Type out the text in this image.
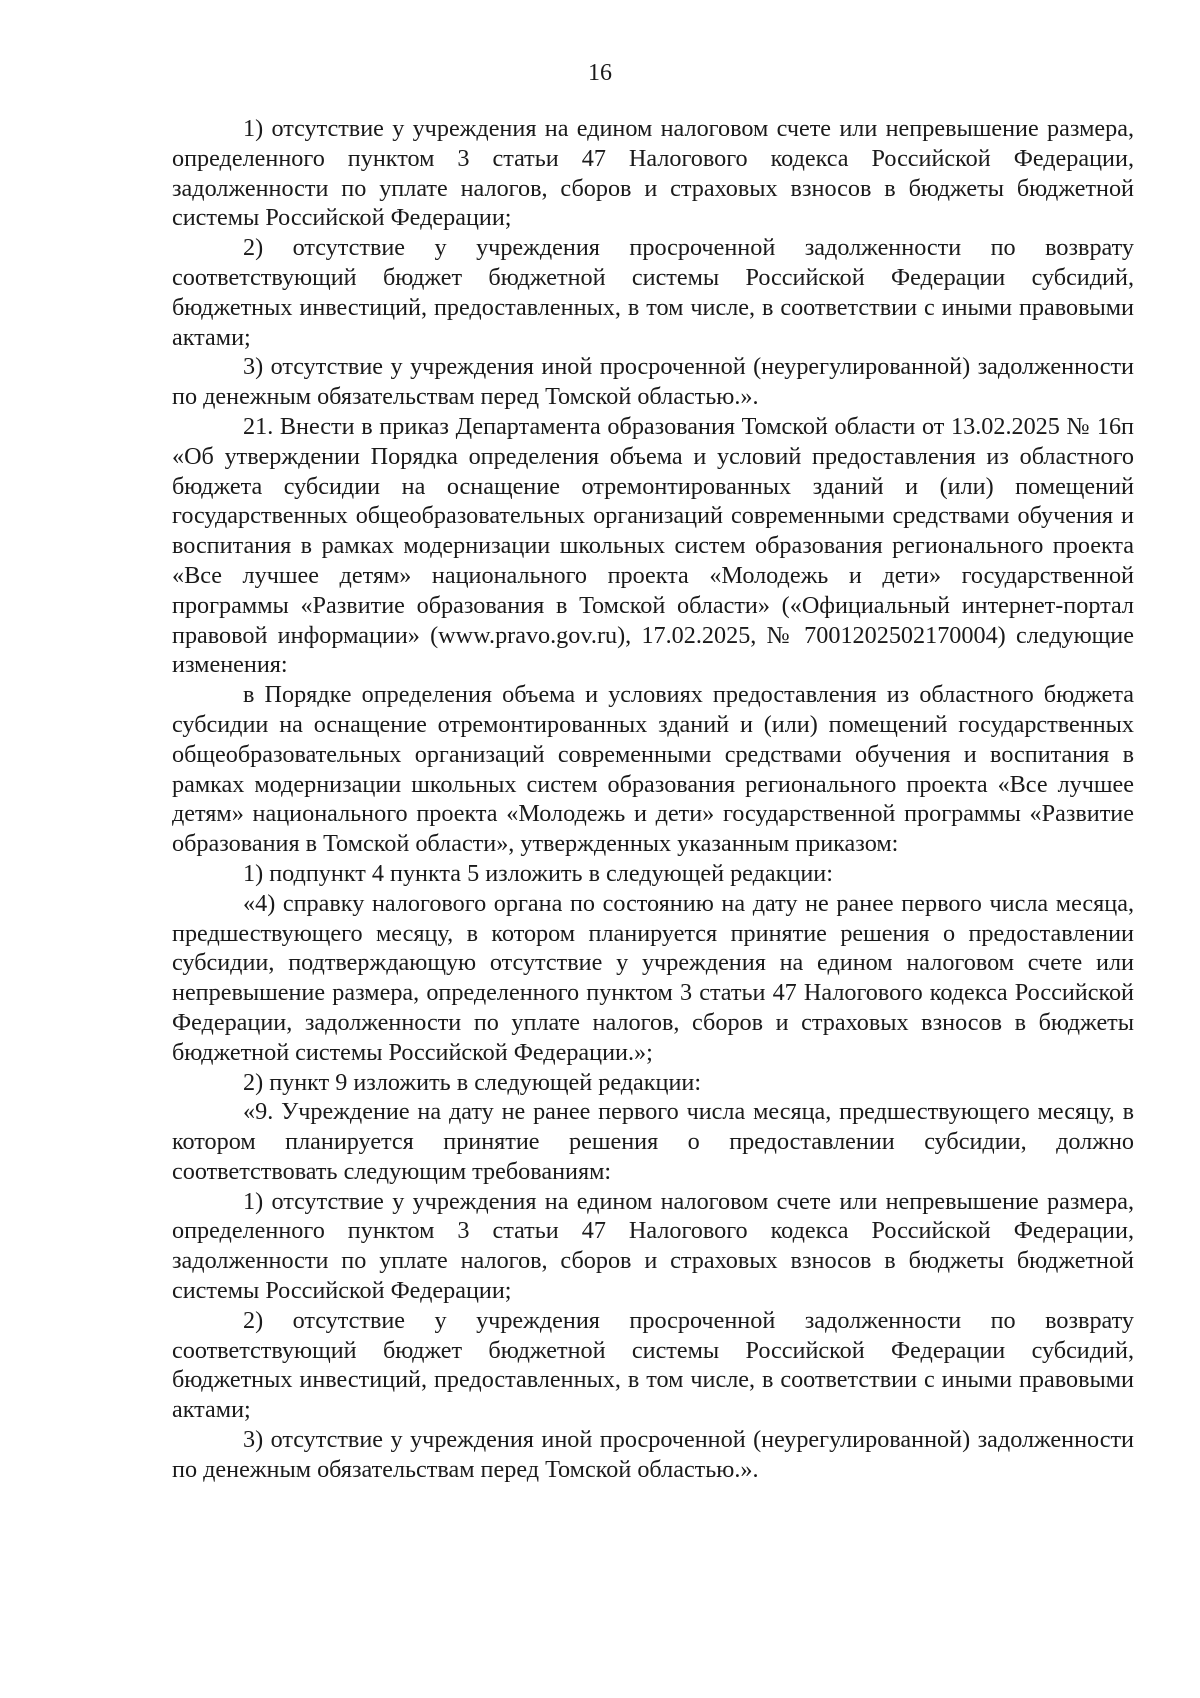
16

1) отсутствие у учреждения на едином налоговом счете или непревышение размера, определенного пунктом 3 статьи 47 Налогового кодекса Российской Федерации, задолженности по уплате налогов, сборов и страховых взносов в бюджеты бюджетной системы Российской Федерации;

2) отсутствие у учреждения просроченной задолженности по возврату соответствующий бюджет бюджетной системы Российской Федерации субсидий, бюджетных инвестиций, предоставленных, в том числе, в соответствии с иными правовыми актами;

3) отсутствие у учреждения иной просроченной (неурегулированной) задолженности по денежным обязательствам перед Томской областью.».

21. Внести в приказ Департамента образования Томской области от 13.02.2025 № 16п «Об утверждении Порядка определения объема и условий предоставления из областного бюджета субсидии на оснащение отремонтированных зданий и (или) помещений государственных общеобразовательных организаций современными средствами обучения и воспитания в рамках модернизации школьных систем образования регионального проекта «Все лучшее детям» национального проекта «Молодежь и дети» государственной программы «Развитие образования в Томской области» («Официальный интернет-портал правовой информации» (www.pravo.gov.ru), 17.02.2025, № 7001202502170004) следующие изменения:

в Порядке определения объема и условиях предоставления из областного бюджета субсидии на оснащение отремонтированных зданий и (или) помещений государственных общеобразовательных организаций современными средствами обучения и воспитания в рамках модернизации школьных систем образования регионального проекта «Все лучшее детям» национального проекта «Молодежь и дети» государственной программы «Развитие образования в Томской области», утвержденных указанным приказом:

1) подпункт 4 пункта 5 изложить в следующей редакции:

«4) справку налогового органа по состоянию на дату не ранее первого числа месяца, предшествующего месяцу, в котором планируется принятие решения о предоставлении субсидии, подтверждающую отсутствие у учреждения на едином налоговом счете или непревышение размера, определенного пунктом 3 статьи 47 Налогового кодекса Российской Федерации, задолженности по уплате налогов, сборов и страховых взносов в бюджеты бюджетной системы Российской Федерации.»;

2) пункт 9 изложить в следующей редакции:

«9. Учреждение на дату не ранее первого числа месяца, предшествующего месяцу, в котором планируется принятие решения о предоставлении субсидии, должно соответствовать следующим требованиям:

1) отсутствие у учреждения на едином налоговом счете или непревышение размера, определенного пунктом 3 статьи 47 Налогового кодекса Российской Федерации, задолженности по уплате налогов, сборов и страховых взносов в бюджеты бюджетной системы Российской Федерации;

2) отсутствие у учреждения просроченной задолженности по возврату соответствующий бюджет бюджетной системы Российской Федерации субсидий, бюджетных инвестиций, предоставленных, в том числе, в соответствии с иными правовыми актами;

3) отсутствие у учреждения иной просроченной (неурегулированной) задолженности по денежным обязательствам перед Томской областью.».
